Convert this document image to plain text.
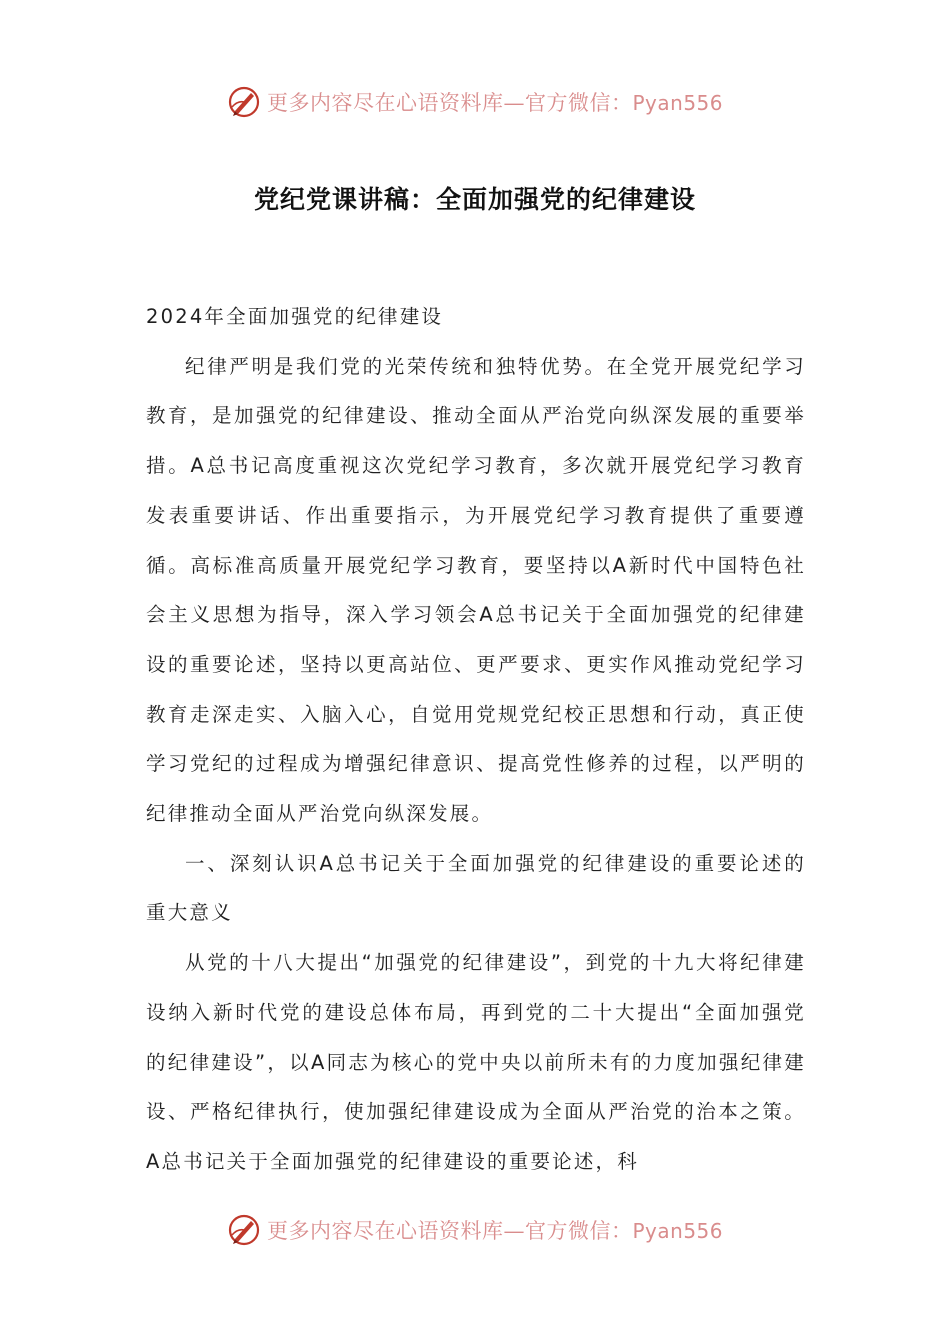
更多内容尽在心语资料库—官方微信：Pyan556
党纪党课讲稿：全面加强党的纪律建设

2024年全面加强党的纪律建设

纪律严明是我们党的光荣传统和独特优势。在全党开展党纪学习教育，是加强党的纪律建设、推动全面从严治党向纵深发展的重要举措。A总书记高度重视这次党纪学习教育，多次就开展党纪学习教育发表重要讲话、作出重要指示，为开展党纪学习教育提供了重要遵循。高标准高质量开展党纪学习教育，要坚持以A新时代中国特色社会主义思想为指导，深入学习领会A总书记关于全面加强党的纪律建设的重要论述，坚持以更高站位、更严要求、更实作风推动党纪学习教育走深走实、入脑入心，自觉用党规党纪校正思想和行动，真正使学习党纪的过程成为增强纪律意识、提高党性修养的过程，以严明的纪律推动全面从严治党向纵深发展。

一、深刻认识A总书记关于全面加强党的纪律建设的重要论述的重大意义

从党的十八大提出“加强党的纪律建设”，到党的十九大将纪律建设纳入新时代党的建设总体布局，再到党的二十大提出“全面加强党的纪律建设”，以A同志为核心的党中央以前所未有的力度加强纪律建设、严格纪律执行，使加强纪律建设成为全面从严治党的治本之策。A总书记关于全面加强党的纪律建设的重要论述，科

更多内容尽在心语资料库—官方微信：Pyan556
